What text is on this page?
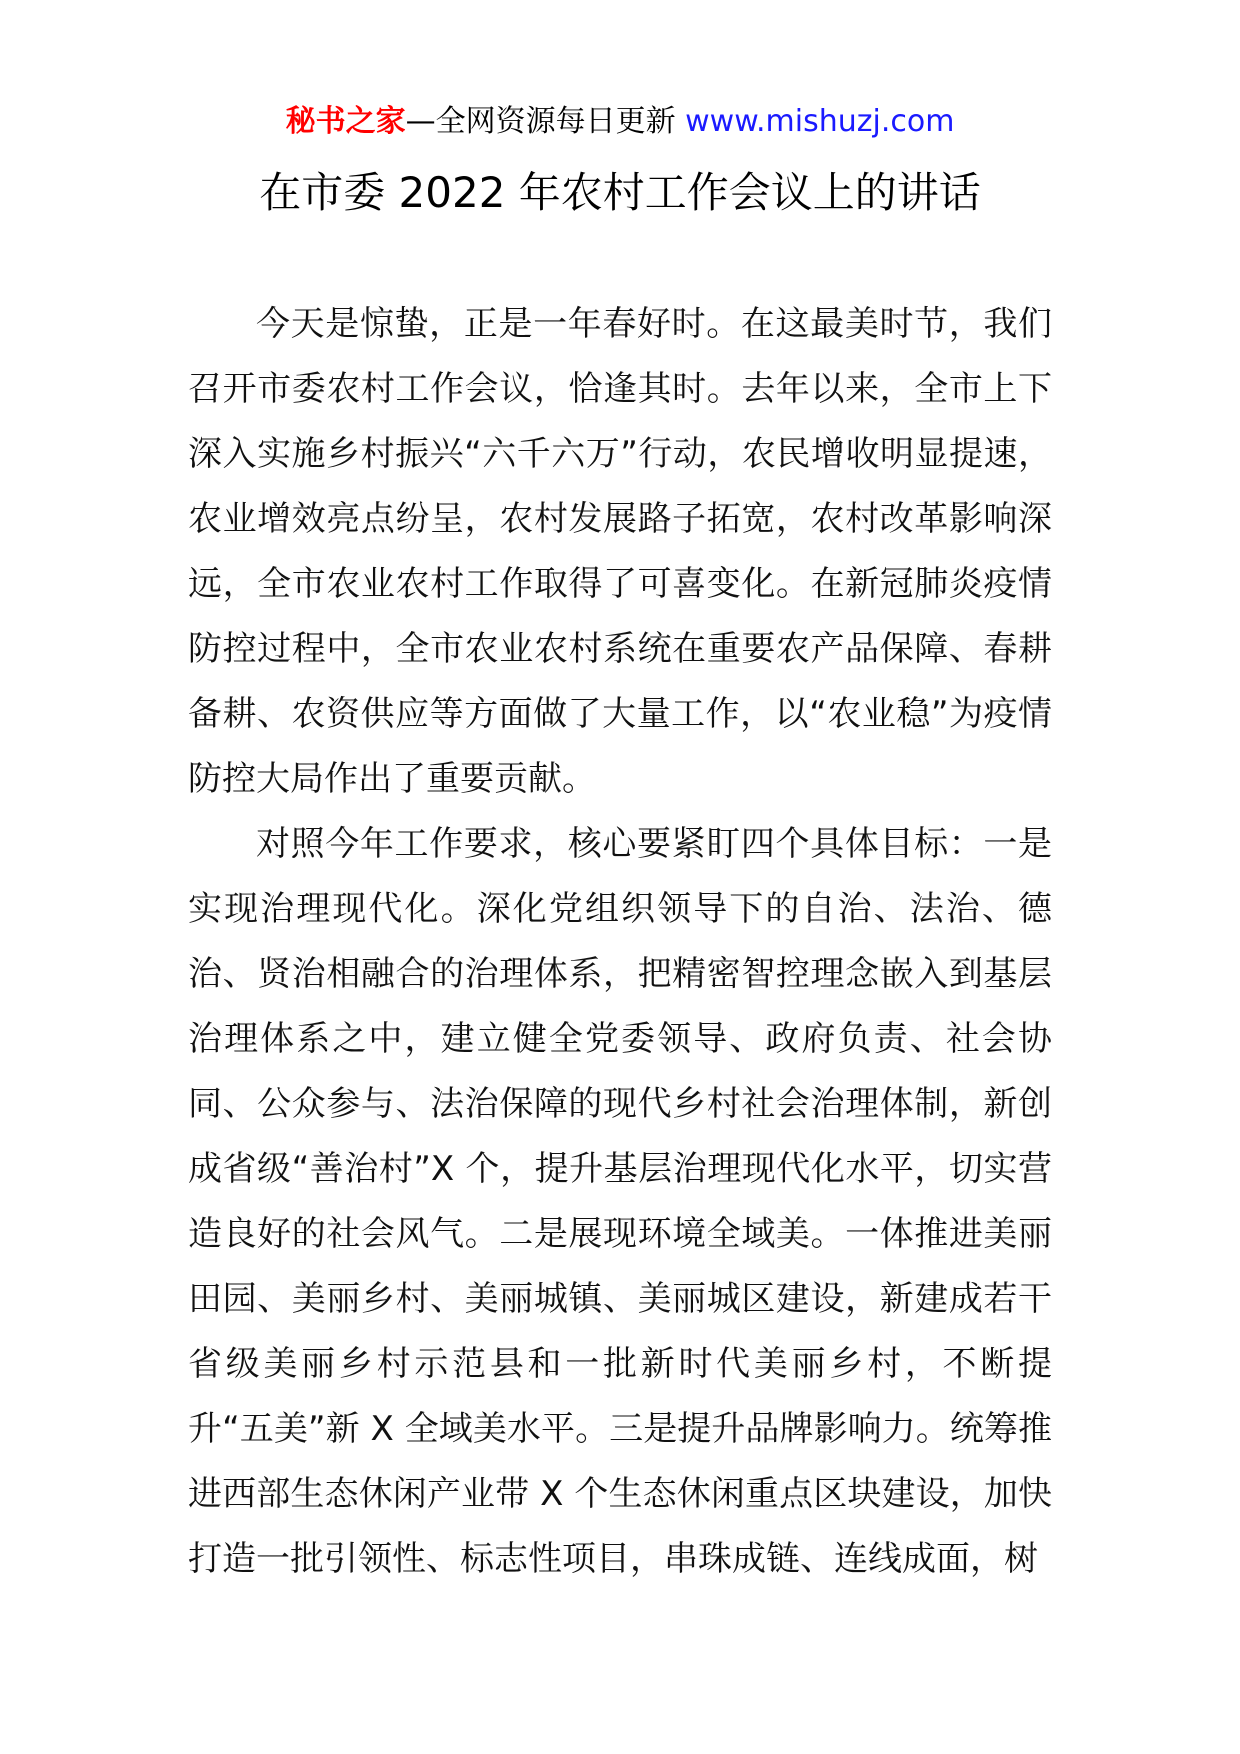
秘书之家—全网资源每日更新 www.mishuzj.com
在市委 2022 年农村工作会议上的讲话

今天是惊蛰，正是一年春好时。在这最美时节，我们召开市委农村工作会议，恰逢其时。去年以来，全市上下深入实施乡村振兴“六千六万”行动，农民增收明显提速，农业增效亮点纷呈，农村发展路子拓宽，农村改革影响深远，全市农业农村工作取得了可喜变化。在新冠肺炎疫情防控过程中，全市农业农村系统在重要农产品保障、春耕备耕、农资供应等方面做了大量工作，以“农业稳”为疫情防控大局作出了重要贡献。

对照今年工作要求，核心要紧盯四个具体目标：一是实现治理现代化。深化党组织领导下的自治、法治、德治、贤治相融合的治理体系，把精密智控理念嵌入到基层治理体系之中，建立健全党委领导、政府负责、社会协同、公众参与、法治保障的现代乡村社会治理体制，新创成省级“善治村”X 个，提升基层治理现代化水平，切实营造良好的社会风气。二是展现环境全域美。一体推进美丽田园、美丽乡村、美丽城镇、美丽城区建设，新建成若干省级美丽乡村示范县和一批新时代美丽乡村，不断提升“五美”新 X 全域美水平。三是提升品牌影响力。统筹推进西部生态休闲产业带 X 个生态休闲重点区块建设，加快打造一批引领性、标志性项目，串珠成链、连线成面，树
